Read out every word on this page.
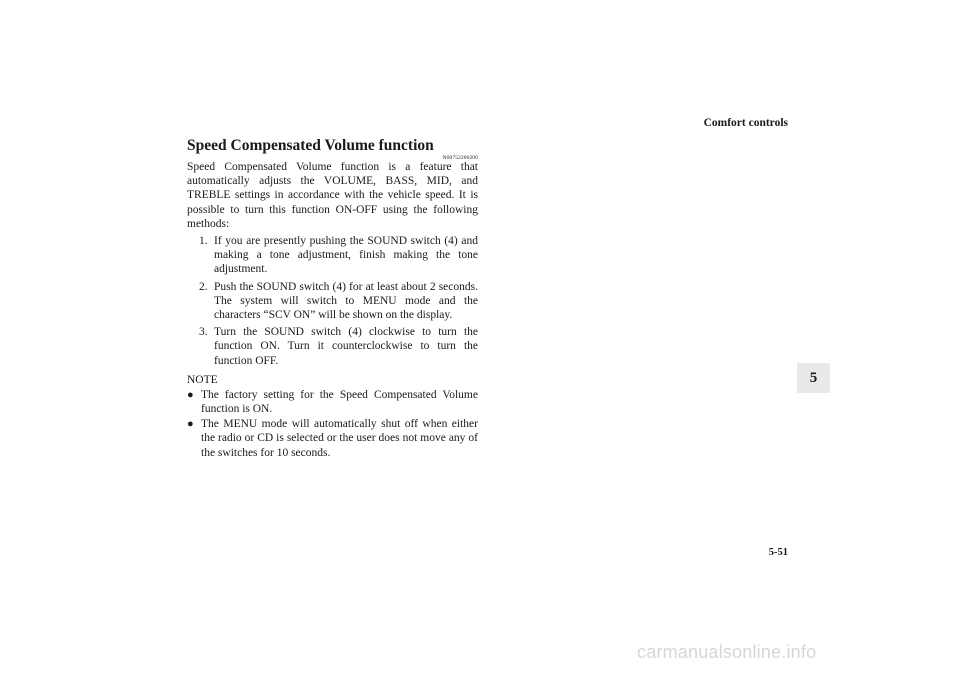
Comfort controls
Speed Compensated Volume function
N00752200200

Speed Compensated Volume function is a feature that automatically adjusts the VOLUME, BASS, MID, and TREBLE settings in accordance with the vehicle speed. It is possible to turn this function ON-OFF using the following methods:

1. If you are presently pushing the SOUND switch (4) and making a tone adjustment, finish making the tone adjustment.
2. Push the SOUND switch (4) for at least about 2 seconds. The system will switch to MENU mode and the characters “SCV ON” will be shown on the display.
3. Turn the SOUND switch (4) clockwise to turn the function ON. Turn it counterclockwise to turn the function OFF.
NOTE
● The factory setting for the Speed Compensated Volume function is ON.
● The MENU mode will automatically shut off when either the radio or CD is selected or the user does not move any of the switches for 10 seconds.
5
5-51
carmanualsonline.info
